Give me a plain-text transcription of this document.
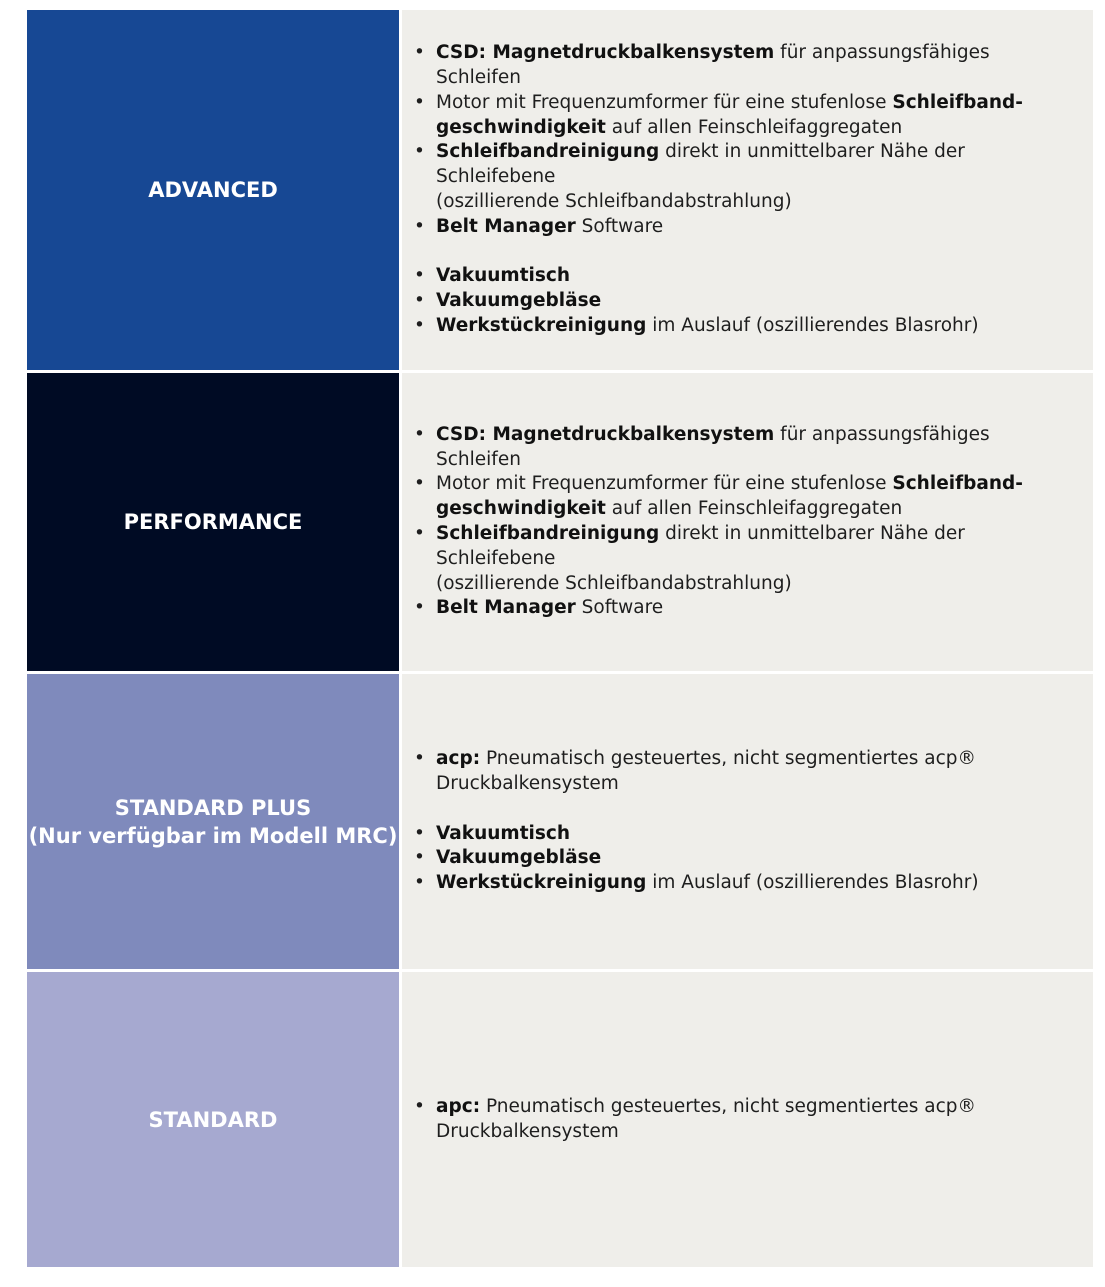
ADVANCED
• CSD: Magnetdruckbalkensystem für anpassungsfähiges Schleifen
• Motor mit Frequenzumformer für eine stufenlose Schleifband-
geschwindigkeit auf allen Feinschleifaggregaten
• Schleifbandreinigung direkt in unmittelbarer Nähe der Schleifebene
(oszillierende Schleifbandabstrahlung)
• Belt Manager Software
• Vakuumtisch
• Vakuumgebläse
• Werkstückreinigung im Auslauf (oszillierendes Blasrohr)
PERFORMANCE
• CSD: Magnetdruckbalkensystem für anpassungsfähiges Schleifen
• Motor mit Frequenzumformer für eine stufenlose Schleifband-
geschwindigkeit auf allen Feinschleifaggregaten
• Schleifbandreinigung direkt in unmittelbarer Nähe der Schleifebene
(oszillierende Schleifbandabstrahlung)
• Belt Manager Software
STANDARD PLUS
(Nur verfügbar im Modell MRC)
• acp: Pneumatisch gesteuertes, nicht segmentiertes acp®
Druckbalkensystem
• Vakuumtisch
• Vakuumgebläse
• Werkstückreinigung im Auslauf (oszillierendes Blasrohr)
STANDARD
• apc: Pneumatisch gesteuertes, nicht segmentiertes acp®
Druckbalkensystem
